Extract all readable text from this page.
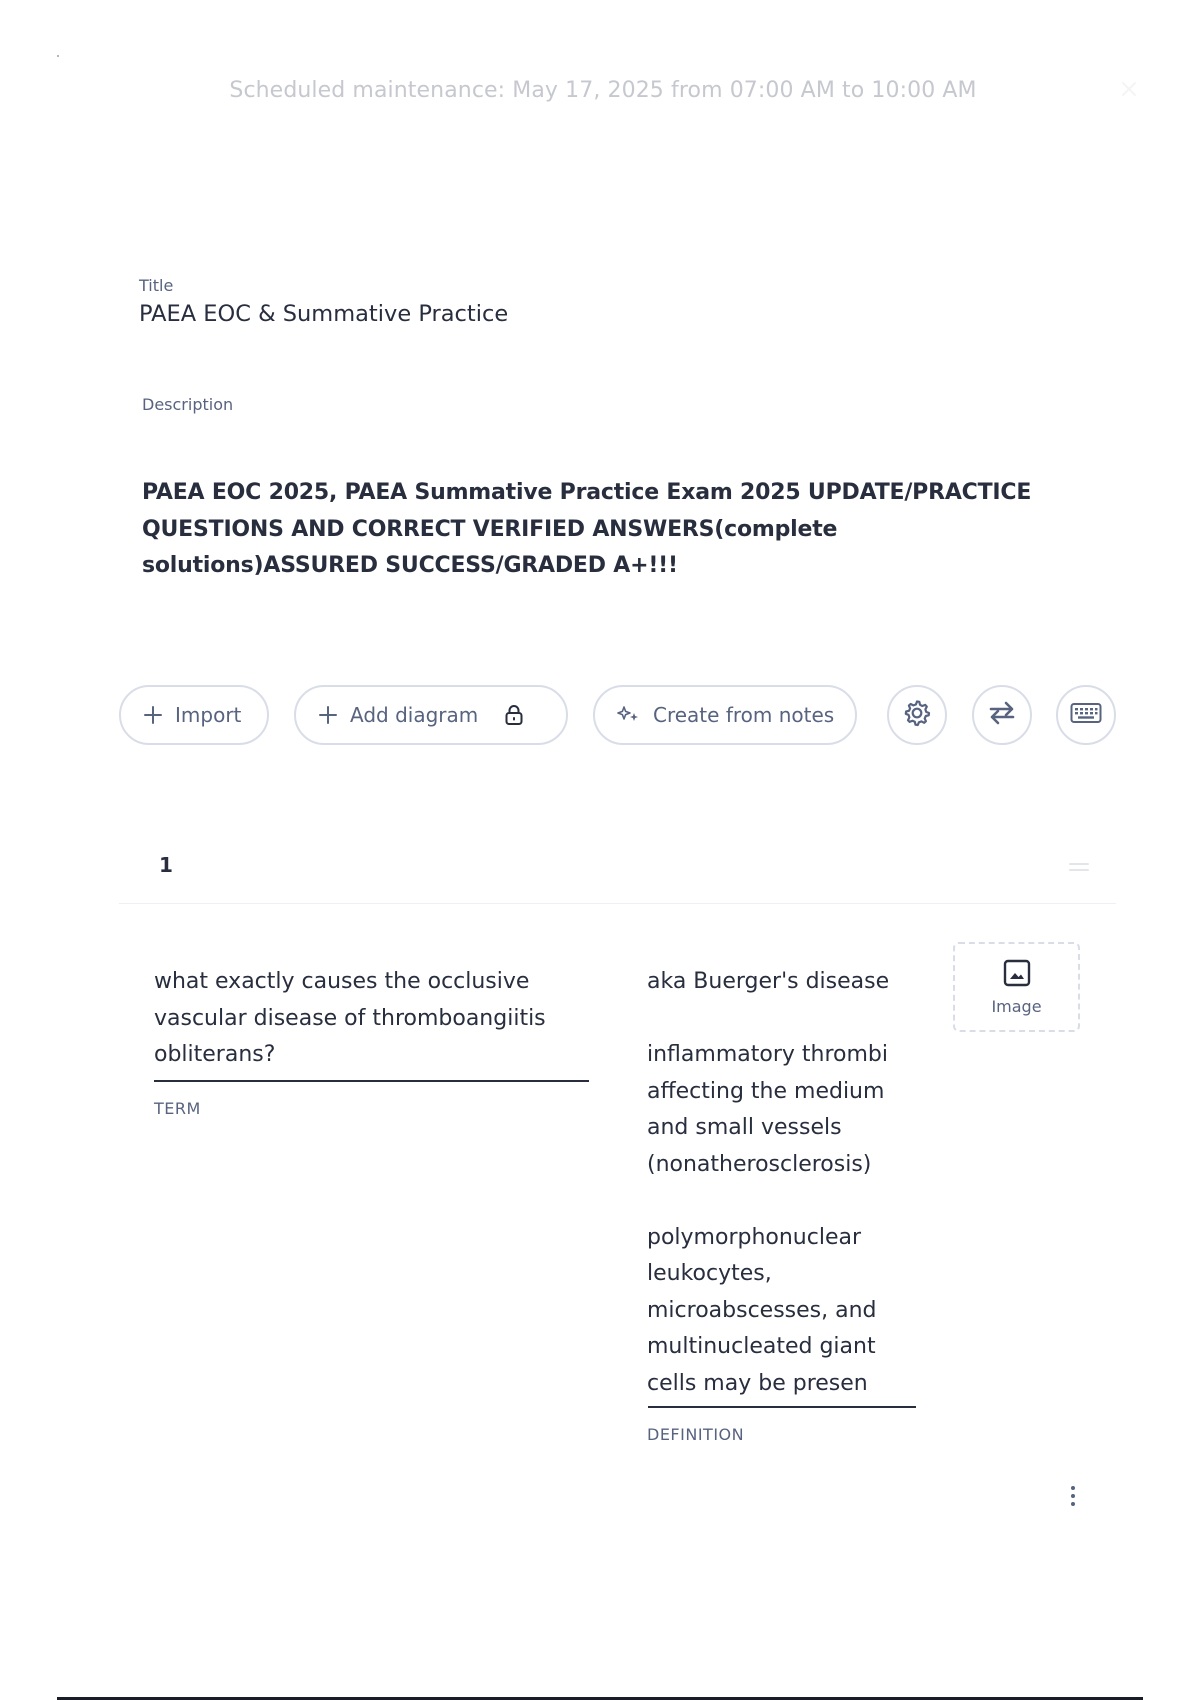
Scheduled maintenance: May 17, 2025 from 07:00 AM to 10:00 AM
Title
PAEA EOC & Summative Practice
Description
PAEA EOC 2025, PAEA Summative Practice Exam 2025 UPDATE/PRACTICE QUESTIONS AND CORRECT VERIFIED ANSWERS(complete solutions)ASSURED SUCCESS/GRADED A+!!!
Import	Add diagram	Create from notes
1
what exactly causes the occlusive vascular disease of thromboangiitis obliterans?
TERM
aka Buerger's disease

inflammatory thrombi affecting the medium and small vessels (nonatherosclerosis)

polymorphonuclear leukocytes, microabscesses, and multinucleated giant cells may be presen
DEFINITION
Image
